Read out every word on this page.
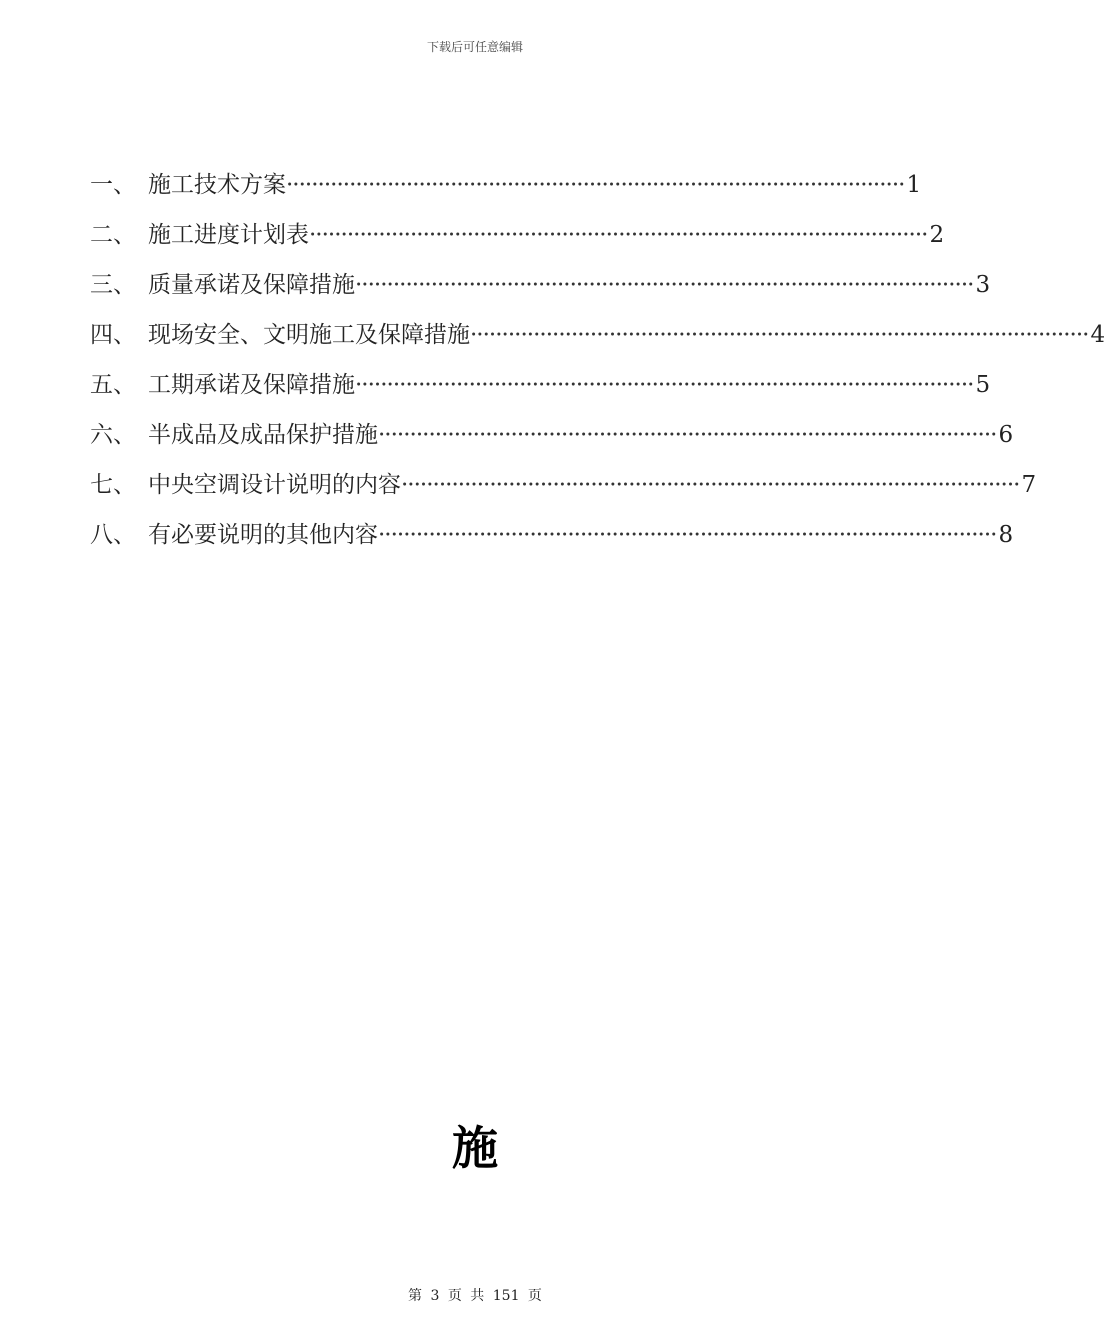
下载后可任意编辑
一、 施工技术方案 ·································································································· 1
二、 施工进度计划表 ·································································································· 2
三、 质量承诺及保障措施 ·································································································· 3
四、 现场安全、文明施工及保障措施 ·································································································· 4
五、 工期承诺及保障措施 ·································································································· 5
六、 半成品及成品保护措施 ·································································································· 6
七、 中央空调设计说明的内容 ·································································································· 7
八、 有必要说明的其他内容 ·································································································· 8
施
第 3 页 共 151 页
